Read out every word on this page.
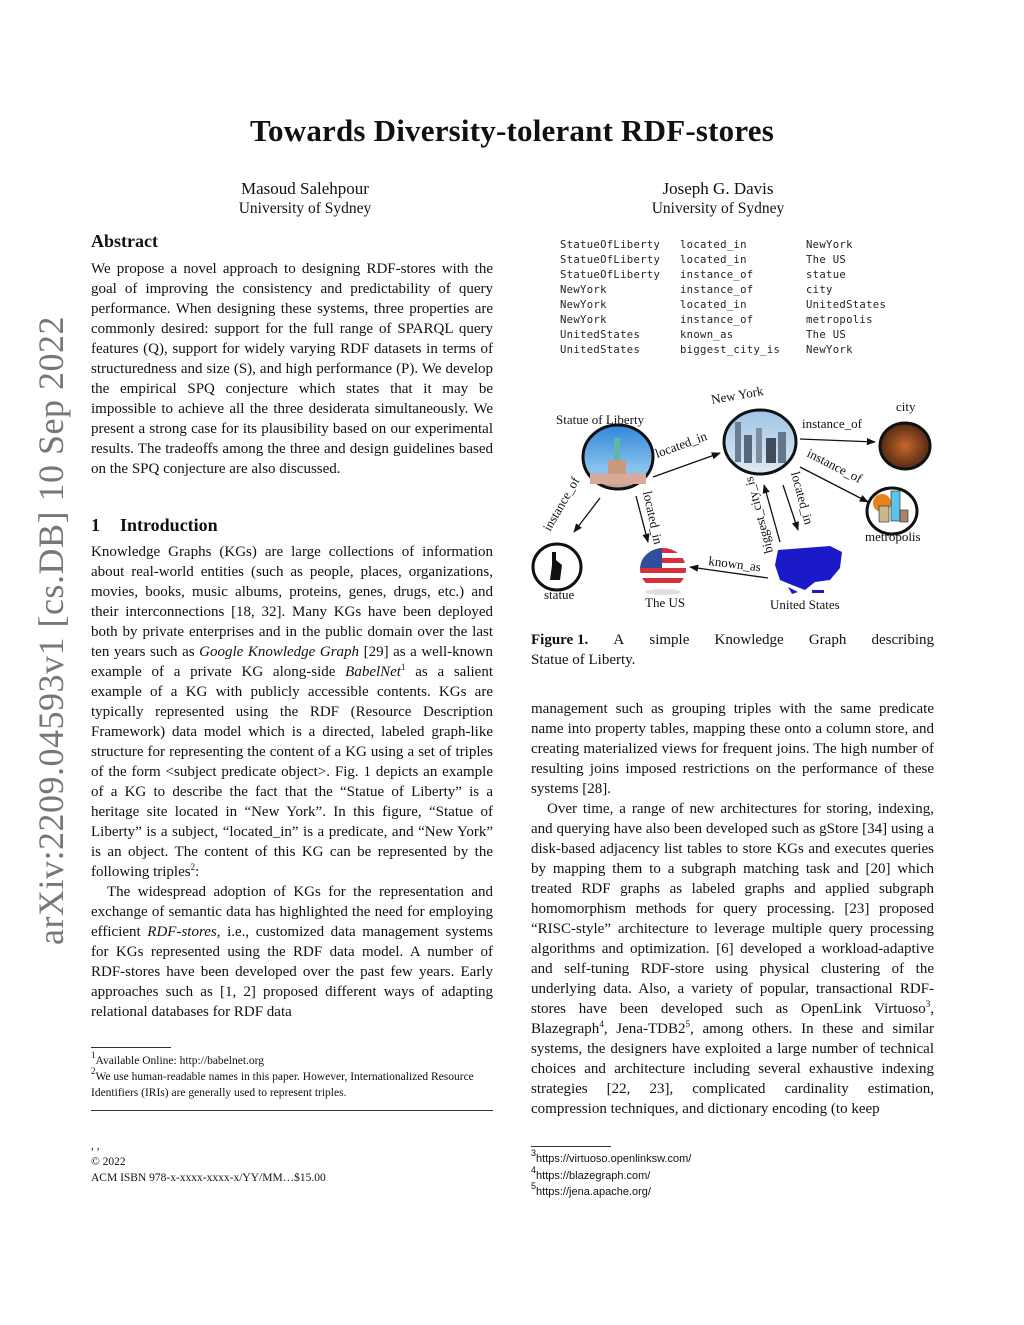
arXiv:2209.04593v1 [cs.DB] 10 Sep 2022
Towards Diversity-tolerant RDF-stores
Masoud Salehpour
University of Sydney
Joseph G. Davis
University of Sydney
Abstract

We propose a novel approach to designing RDF-stores with the goal of improving the consistency and predictability of query performance. When designing these systems, three properties are commonly desired: support for the full range of SPARQL query features (Q), support for widely varying RDF datasets in terms of structuredness and size (S), and high performance (P). We develop the empirical SPQ conjecture which states that it may be impossible to achieve all the three desiderata simultaneously. We present a strong case for its plausibility based on our experimental results. The tradeoffs among the three and design guidelines based on the SPQ conjecture are also discussed.

1 Introduction

Knowledge Graphs (KGs) are large collections of information about real-world entities (such as people, places, organizations, movies, books, music albums, proteins, genes, drugs, etc.) and their interconnections [18, 32]. Many KGs have been deployed both by private enterprises and in the public domain over the last ten years such as Google Knowledge Graph [29] as a well-known example of a private KG along-side BabelNet$^1$ as a salient example of a KG with publicly accessible contents. KGs are typically represented using the RDF (Resource Description Framework) data model which is a directed, labeled graph-like structure for representing the content of a KG using a set of triples of the form <subject predicate object>. Fig. 1 depicts an example of a KG to describe the fact that the “Statue of Liberty” is a heritage site located in “New York”. In this figure, “Statue of Liberty” is a subject, “located_in” is a predicate, and “New York” is an object. The content of this KG can be represented by the following triples$^2$:

The widespread adoption of KGs for the representation and exchange of semantic data has highlighted the need for employing efficient RDF-stores, i.e., customized data management systems for KGs represented using the RDF data model. A number of RDF-stores have been developed over the past few years. Early approaches such as [1, 2] proposed different ways of adapting relational databases for RDF data

$^1$Available Online: http://babelnet.org
$^2$We use human-readable names in this paper. However, Internationalized Resource Identifiers (IRIs) are generally used to represent triples.
, ,
© 2022
ACM ISBN 978-x-xxxx-xxxx-x/YY/MM…$15.00
StatueOfLiberty	located_in	NewYork
StatueOfLiberty	located_in	The US
StatueOfLiberty	instance_of	statue
NewYork	instance_of	city
NewYork	located_in	UnitedStates
NewYork	instance_of	metropolis
UnitedStates	known_as	The US
UnitedStates	biggest_city_is	NewYork
located_in
located_in
instance_of
instance_of
instance_of
located_in
biggest_city_is
known_as
Statue of Liberty
New York	city
metropolis
statue
The US	United States
Figure 1. A simple Knowledge Graph describing
Statue of Liberty.

management such as grouping triples with the same predicate name into property tables, mapping these onto a column store, and creating materialized views for frequent joins. The high number of resulting joins imposed restrictions on the performance of these systems [28].

Over time, a range of new architectures for storing, indexing, and querying have also been developed such as gStore [34] using a disk-based adjacency list tables to store KGs and executes queries by mapping them to a subgraph matching task and [20] which treated RDF graphs as labeled graphs and applied subgraph homomorphism methods for query processing. [23] proposed “RISC-style” architecture to leverage multiple query processing algorithms and optimization. [6] developed a workload-adaptive and self-tuning RDF-store using physical clustering of the underlying data. Also, a variety of popular, transactional RDF-stores have been developed such as OpenLink Virtuoso$^3$, Blazegraph$^4$, Jena-$TDB2^5$, among others. In these and similar systems, the designers have exploited a large number of technical choices and architecture including several exhaustive indexing strategies [22, 23], complicated cardinality estimation, compression techniques, and dictionary encoding (to keep

$^3$https://virtuoso.openlinksw.com/
$^4$https://blazegraph.com/
$^5$https://jena.apache.org/
